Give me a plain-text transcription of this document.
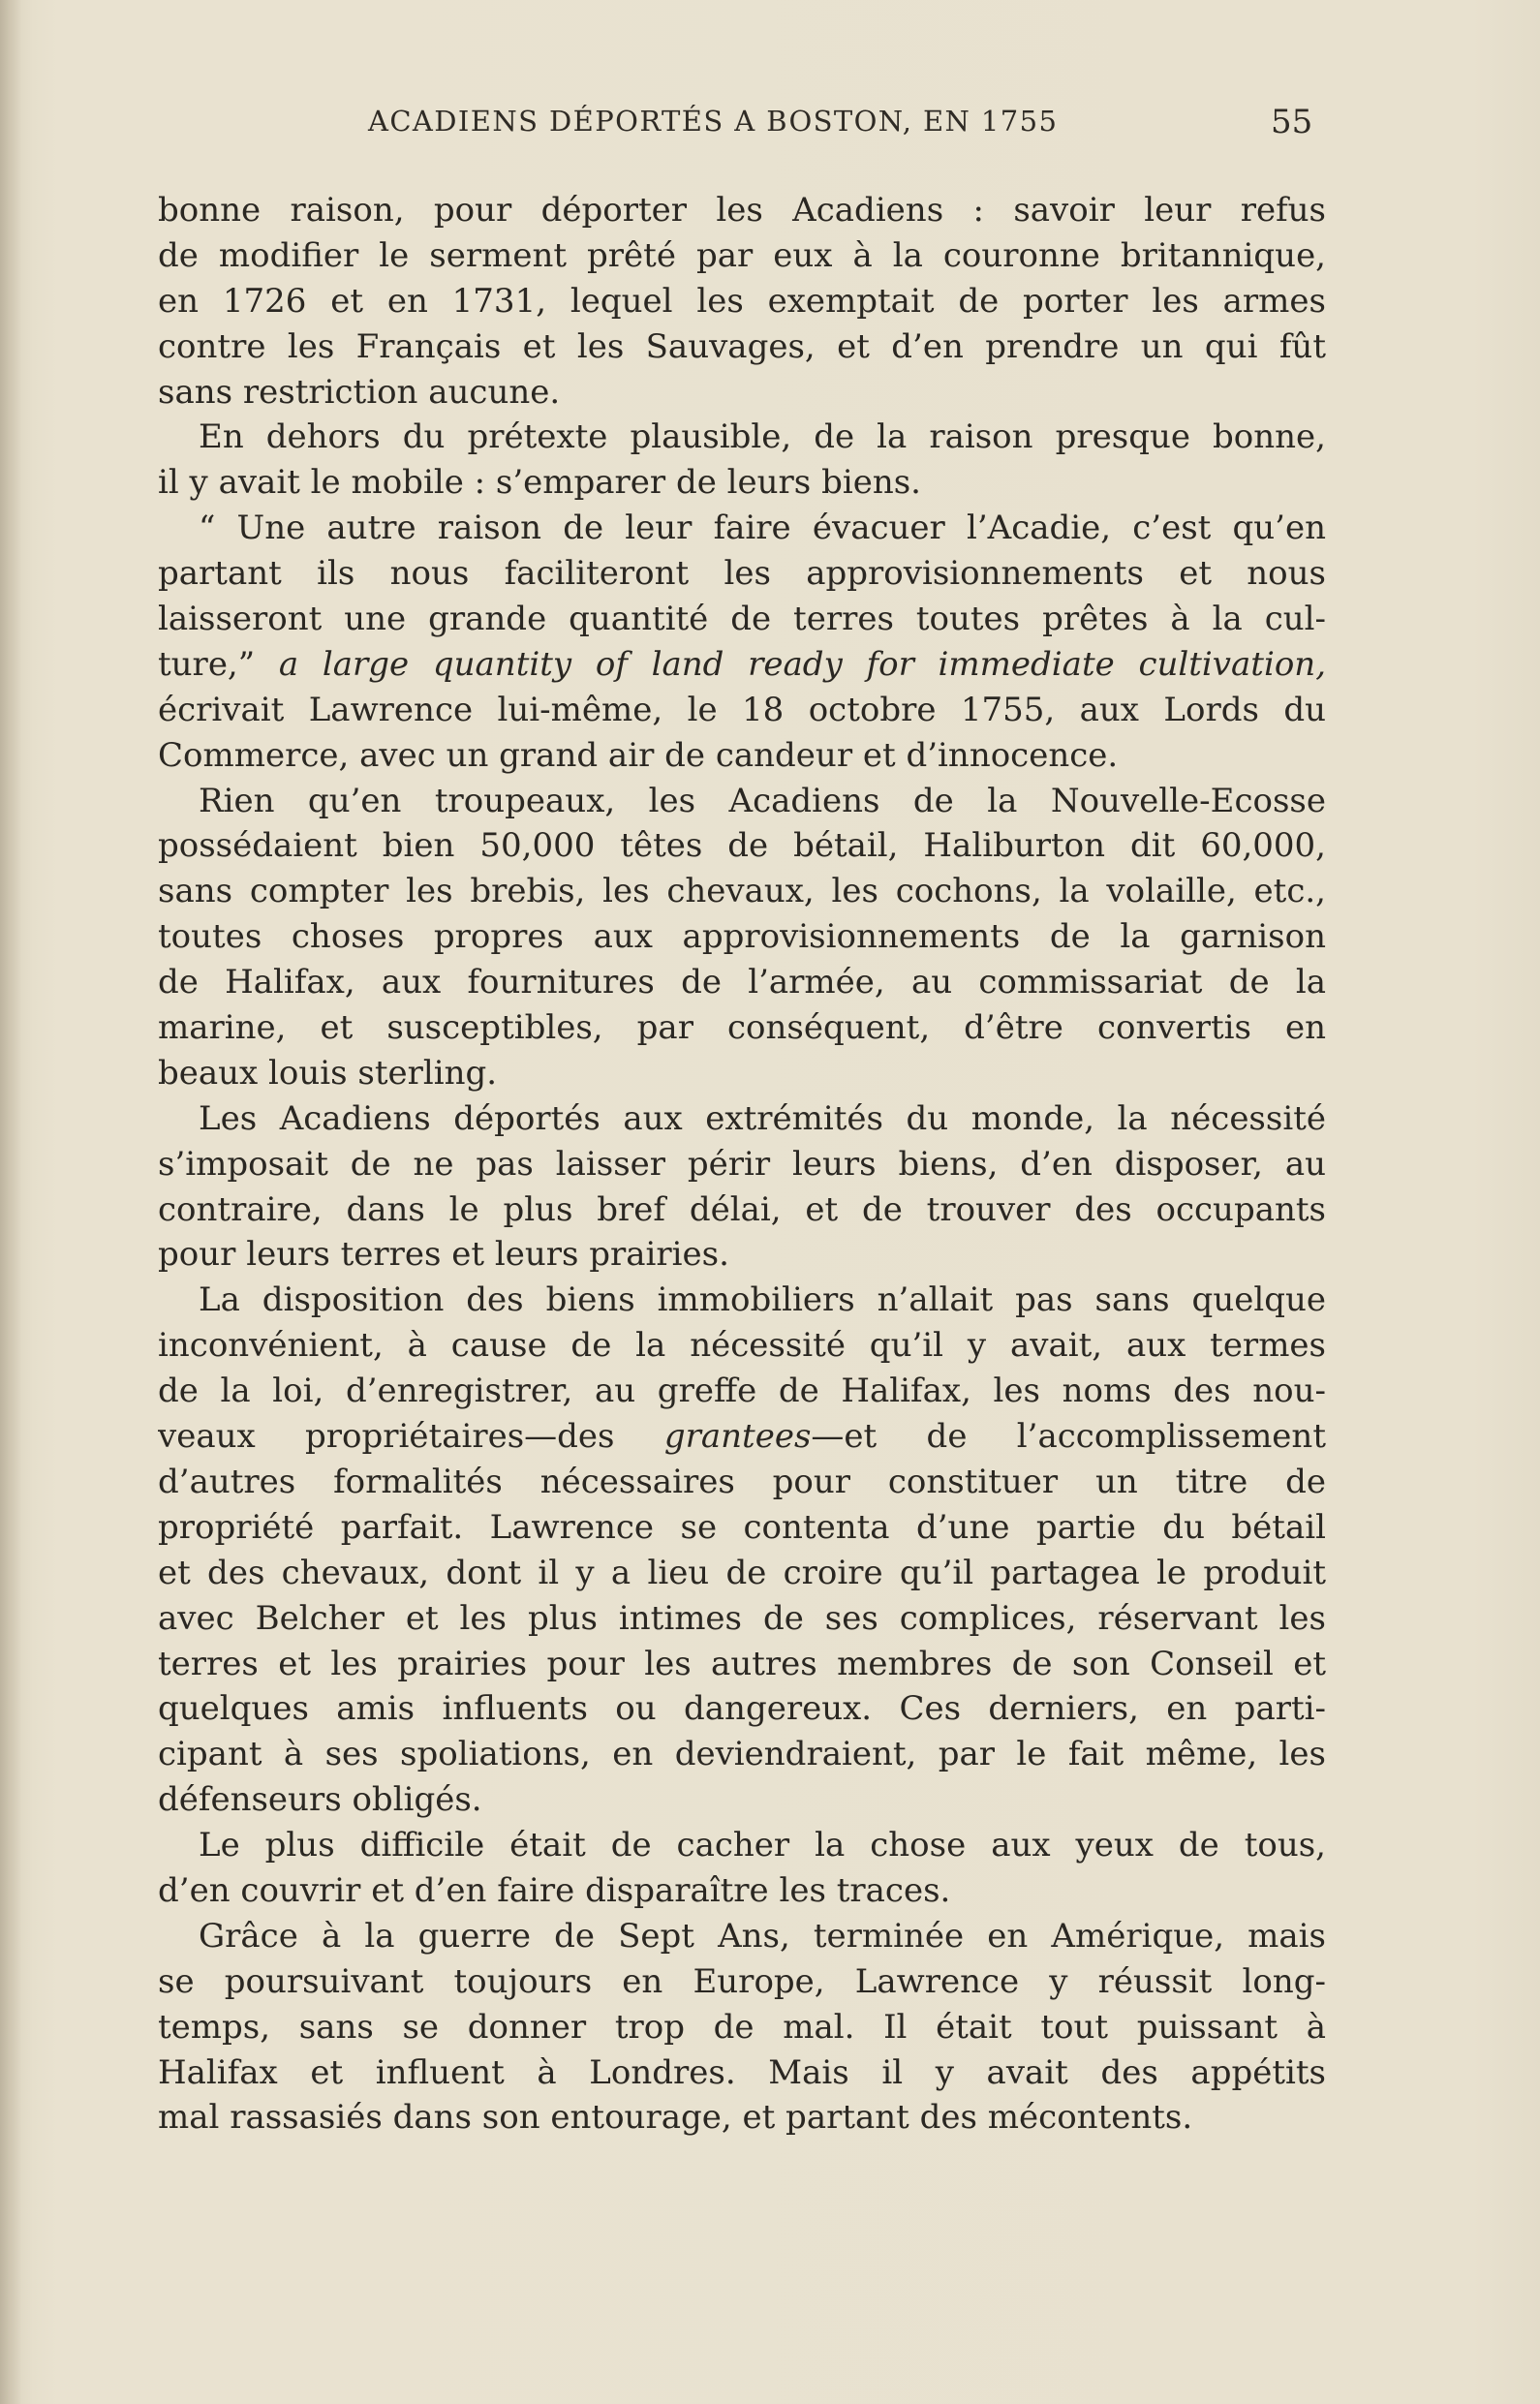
ACADIENS DÉPORTÉS A BOSTON, EN 1755	55
bonne raison, pour déporter les Acadiens : savoir leur refus
de modifier le serment prêté par eux à la couronne britannique,
en 1726 et en 1731, lequel les exemptait de porter les armes
contre les Français et les Sauvages, et d’en prendre un qui fût
sans restriction aucune.
En dehors du prétexte plausible, de la raison presque bonne,
il y avait le mobile : s’emparer de leurs biens.
“ Une autre raison de leur faire évacuer l’Acadie, c’est qu’en
partant ils nous faciliteront les approvisionnements et nous
laisseront une grande quantité de terres toutes prêtes à la cul-
ture,” a large quantity of land ready for immediate cultivation,
écrivait Lawrence lui-même, le 18 octobre 1755, aux Lords du
Commerce, avec un grand air de candeur et d’innocence.
Rien qu’en troupeaux, les Acadiens de la Nouvelle-Ecosse
possédaient bien 50,000 têtes de bétail, Haliburton dit 60,000,
sans compter les brebis, les chevaux, les cochons, la volaille, etc.,
toutes choses propres aux approvisionnements de la garnison
de Halifax, aux fournitures de l’armée, au commissariat de la
marine, et susceptibles, par conséquent, d’être convertis en
beaux louis sterling.
Les Acadiens déportés aux extrémités du monde, la nécessité
s’imposait de ne pas laisser périr leurs biens, d’en disposer, au
contraire, dans le plus bref délai, et de trouver des occupants
pour leurs terres et leurs prairies.
La disposition des biens immobiliers n’allait pas sans quelque
inconvénient, à cause de la nécessité qu’il y avait, aux termes
de la loi, d’enregistrer, au greffe de Halifax, les noms des nou-
veaux propriétaires—des grantees—et de l’accomplissement
d’autres formalités nécessaires pour constituer un titre de
propriété parfait. Lawrence se contenta d’une partie du bétail
et des chevaux, dont il y a lieu de croire qu’il partagea le produit
avec Belcher et les plus intimes de ses complices, réservant les
terres et les prairies pour les autres membres de son Conseil et
quelques amis influents ou dangereux. Ces derniers, en parti-
cipant à ses spoliations, en deviendraient, par le fait même, les
défenseurs obligés.
Le plus difficile était de cacher la chose aux yeux de tous,
d’en couvrir et d’en faire disparaître les traces.
Grâce à la guerre de Sept Ans, terminée en Amérique, mais
se poursuivant toujours en Europe, Lawrence y réussit long-
temps, sans se donner trop de mal. Il était tout puissant à
Halifax et influent à Londres. Mais il y avait des appétits
mal rassasiés dans son entourage, et partant des mécontents.
